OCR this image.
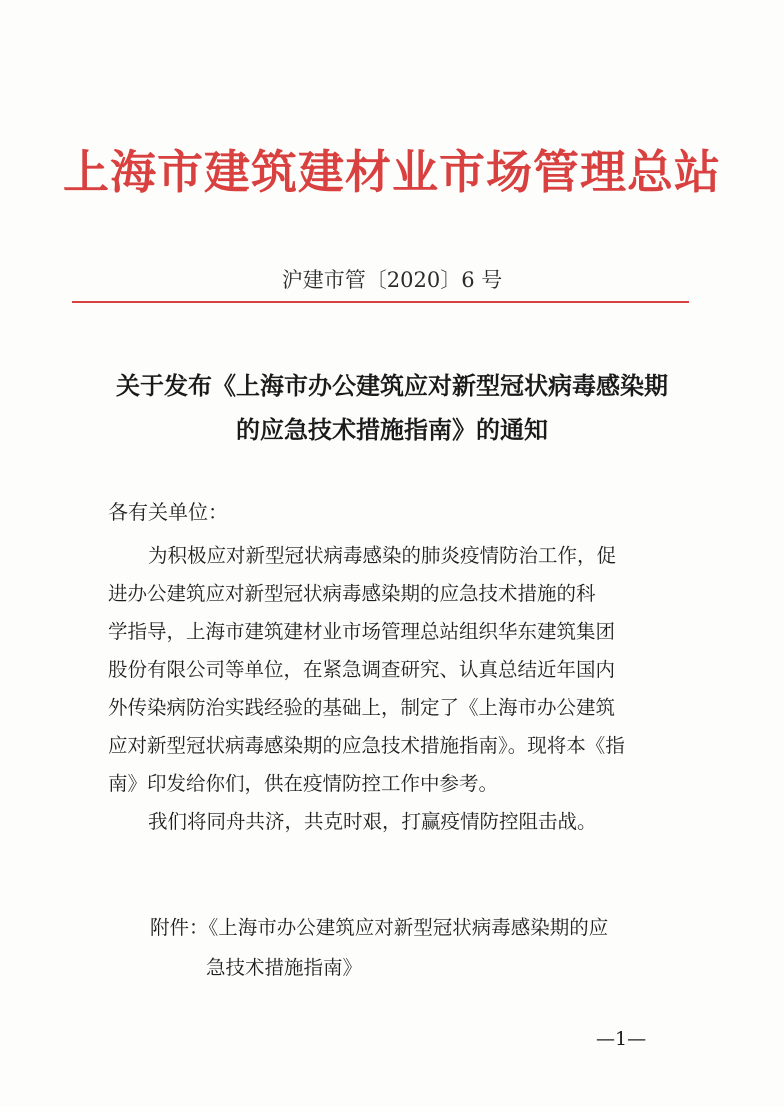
上海市建筑建材业市场管理总站
沪建市管〔2020〕6 号
关于发布《上海市办公建筑应对新型冠状病毒感染期
的应急技术措施指南》的通知
各有关单位：
为积极应对新型冠状病毒感染的肺炎疫情防治工作，促
进办公建筑应对新型冠状病毒感染期的应急技术措施的科
学指导，上海市建筑建材业市场管理总站组织华东建筑集团
股份有限公司等单位，在紧急调查研究、认真总结近年国内
外传染病防治实践经验的基础上，制定了《上海市办公建筑
应对新型冠状病毒感染期的应急技术措施指南》。现将本《指
南》印发给你们，供在疫情防控工作中参考。
我们将同舟共济，共克时艰，打赢疫情防控阻击战。
附件：《上海市办公建筑应对新型冠状病毒感染期的应
急技术措施指南》
—1—
